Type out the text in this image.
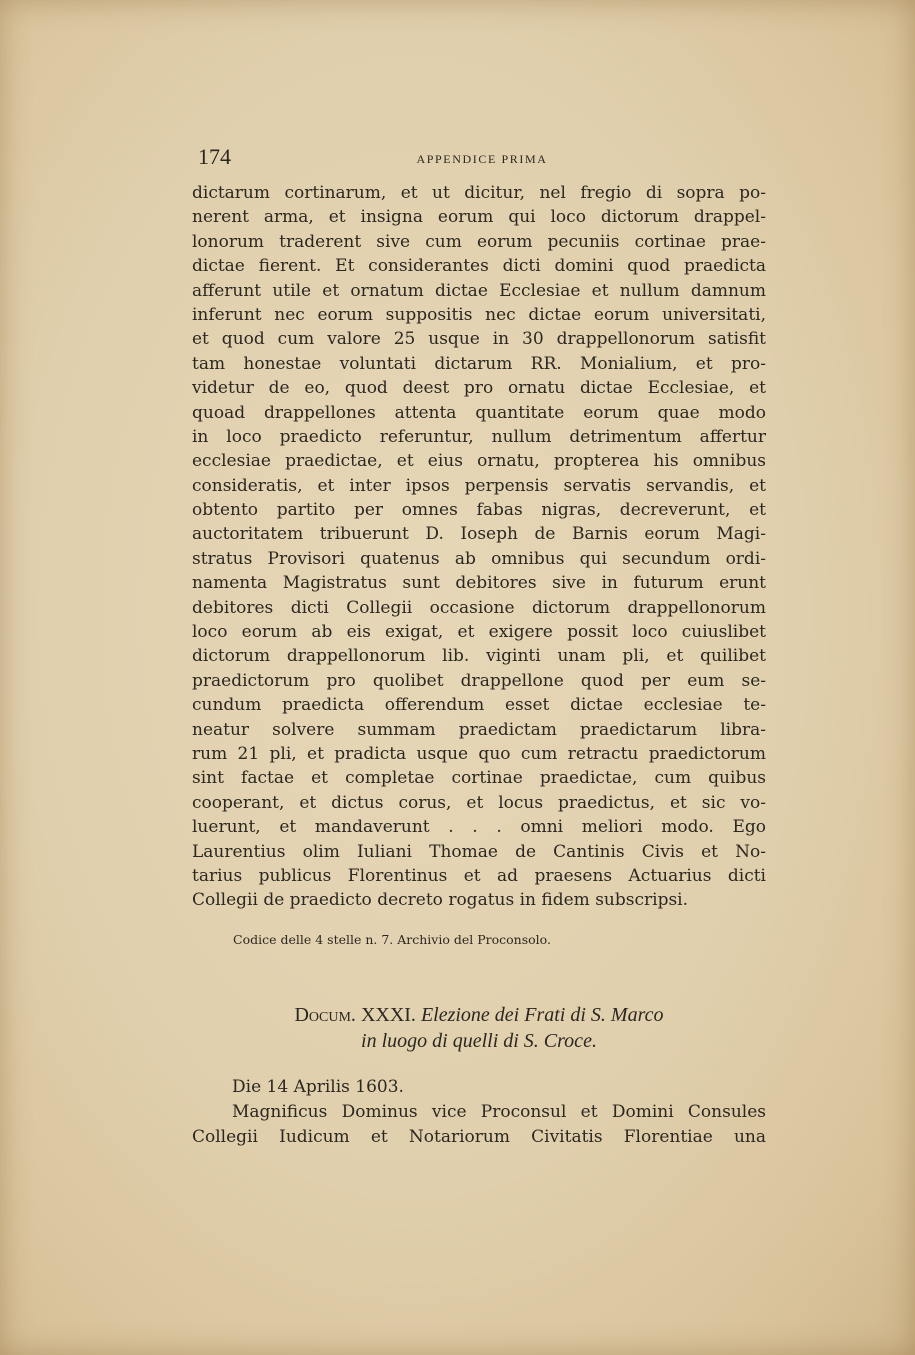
174	APPENDICE PRIMA
dictarum cortinarum, et ut dicitur, nel fregio di sopra po-
nerent arma, et insigna eorum qui loco dictorum drappel-
lonorum traderent sive cum eorum pecuniis cortinae prae-
dictae fierent. Et considerantes dicti domini quod praedicta
afferunt utile et ornatum dictae Ecclesiae et nullum damnum
inferunt nec eorum suppositis nec dictae eorum universitati,
et quod cum valore 25 usque in 30 drappellonorum satisfit
tam honestae voluntati dictarum RR. Monialium, et pro-
videtur de eo, quod deest pro ornatu dictae Ecclesiae, et
quoad drappellones attenta quantitate eorum quae modo
in loco praedicto referuntur, nullum detrimentum affertur
ecclesiae praedictae, et eius ornatu, propterea his omnibus
consideratis, et inter ipsos perpensis servatis servandis, et
obtento partito per omnes fabas nigras, decreverunt, et
auctoritatem tribuerunt D. Ioseph de Barnis eorum Magi-
stratus Provisori quatenus ab omnibus qui secundum ordi-
namenta Magistratus sunt debitores sive in futurum erunt
debitores dicti Collegii occasione dictorum drappellonorum
loco eorum ab eis exigat, et exigere possit loco cuiuslibet
dictorum drappellonorum lib. viginti unam pli, et quilibet
praedictorum pro quolibet drappellone quod per eum se-
cundum praedicta offerendum esset dictae ecclesiae te-
neatur solvere summam praedictam praedictarum libra-
rum 21 pli, et pradicta usque quo cum retractu praedictorum
sint factae et completae cortinae praedictae, cum quibus
cooperant, et dictus corus, et locus praedictus, et sic vo-
luerunt, et mandaverunt . . . omni meliori modo. Ego
Laurentius olim Iuliani Thomae de Cantinis Civis et No-
tarius publicus Florentinus et ad praesens Actuarius dicti
Collegii de praedicto decreto rogatus in fidem subscripsi.
Codice delle 4 stelle n. 7. Archivio del Proconsolo.
Docum. XXXI. Elezione dei Frati di S. Marco
in luogo di quelli di S. Croce.
Die 14 Aprilis 1603.
Magnificus Dominus vice Proconsul et Domini Consules
Collegii Iudicum et Notariorum Civitatis Florentiae una
